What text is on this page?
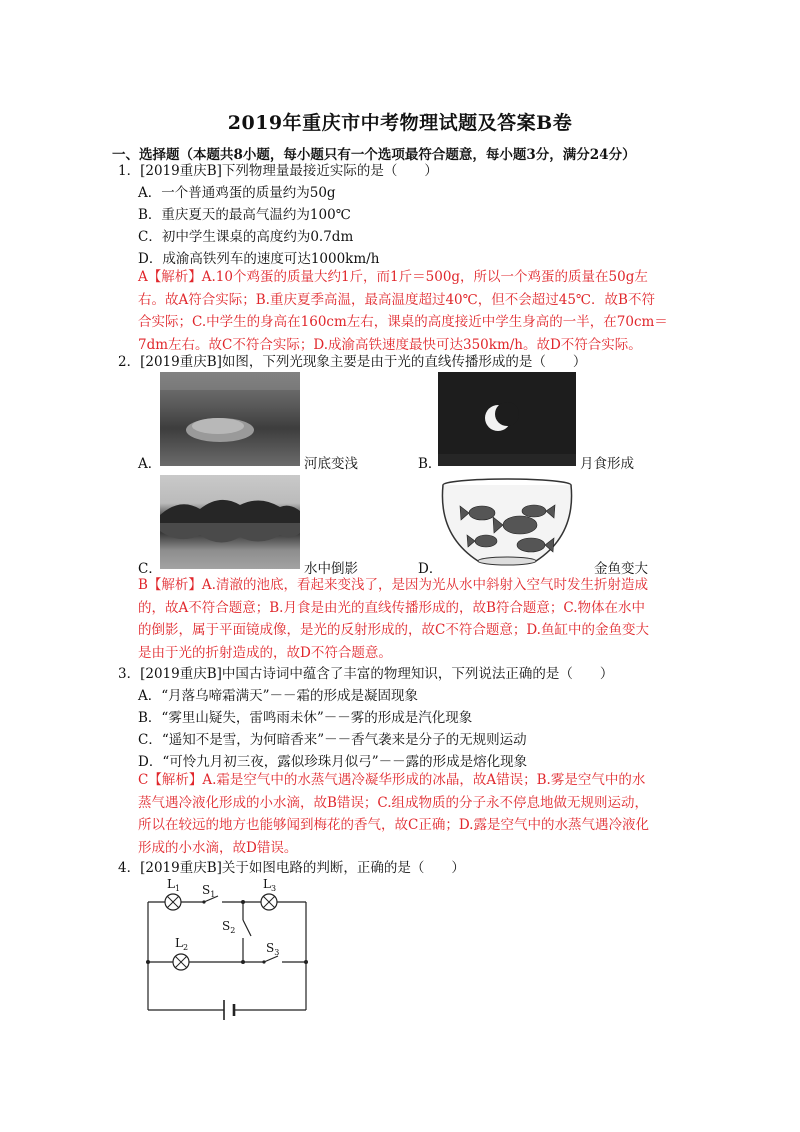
2019年重庆市中考物理试题及答案B卷
一、选择题（本题共8小题，每小题只有一个选项最符合题意，每小题3分，满分24分）
1．[2019重庆B]下列物理量最接近实际的是（　　）
A．一个普通鸡蛋的质量约为50g
B．重庆夏天的最高气温约为100℃
C．初中学生课桌的高度约为0.7dm
D．成渝高铁列车的速度可达1000km/h
A【解析】A.10个鸡蛋的质量大约1斤，而1斤＝500g，所以一个鸡蛋的质量在50g左
右。故A符合实际；B.重庆夏季高温，最高温度超过40℃，但不会超过45℃．故B不符
合实际；C.中学生的身高在160cm左右，课桌的高度接近中学生身高的一半，在70cm＝
7dm左右。故C不符合实际；D.成渝高铁速度最快可达350km/h。故D不符合实际。
2．[2019重庆B]如图，下列光现象主要是由于光的直线传播形成的是（　　）
A．	河底变浅	B．	月食形成
C．	水中倒影	D．	金鱼变大
B【解析】A.清澈的池底，看起来变浅了，是因为光从水中斜射入空气时发生折射造成
的，故A不符合题意；B.月食是由光的直线传播形成的，故B符合题意；C.物体在水中
的倒影，属于平面镜成像，是光的反射形成的，故C不符合题意；D.鱼缸中的金鱼变大
是由于光的折射造成的，故D不符合题意。
3．[2019重庆B]中国古诗词中蕴含了丰富的物理知识，下列说法正确的是（　　）
A．“月落乌啼霜满天”－－霜的形成是凝固现象
B．“雾里山疑失，雷鸣雨未休”－－雾的形成是汽化现象
C．“遥知不是雪，为何暗香来”－－香气袭来是分子的无规则运动
D．“可怜九月初三夜，露似珍珠月似弓”－－露的形成是熔化现象
C【解析】A.霜是空气中的水蒸气遇冷凝华形成的冰晶，故A错误；B.雾是空气中的水
蒸气遇冷液化形成的小水滴，故B错误；C.组成物质的分子永不停息地做无规则运动，
所以在较远的地方也能够闻到梅花的香气，故C正确；D.露是空气中的水蒸气遇冷液化
形成的小水滴，故D错误。
4．[2019重庆B]关于如图电路的判断，正确的是（　　）
$L_1$ $S_1$
$L_3$
$S_2$
$L_2$	$S_3$
